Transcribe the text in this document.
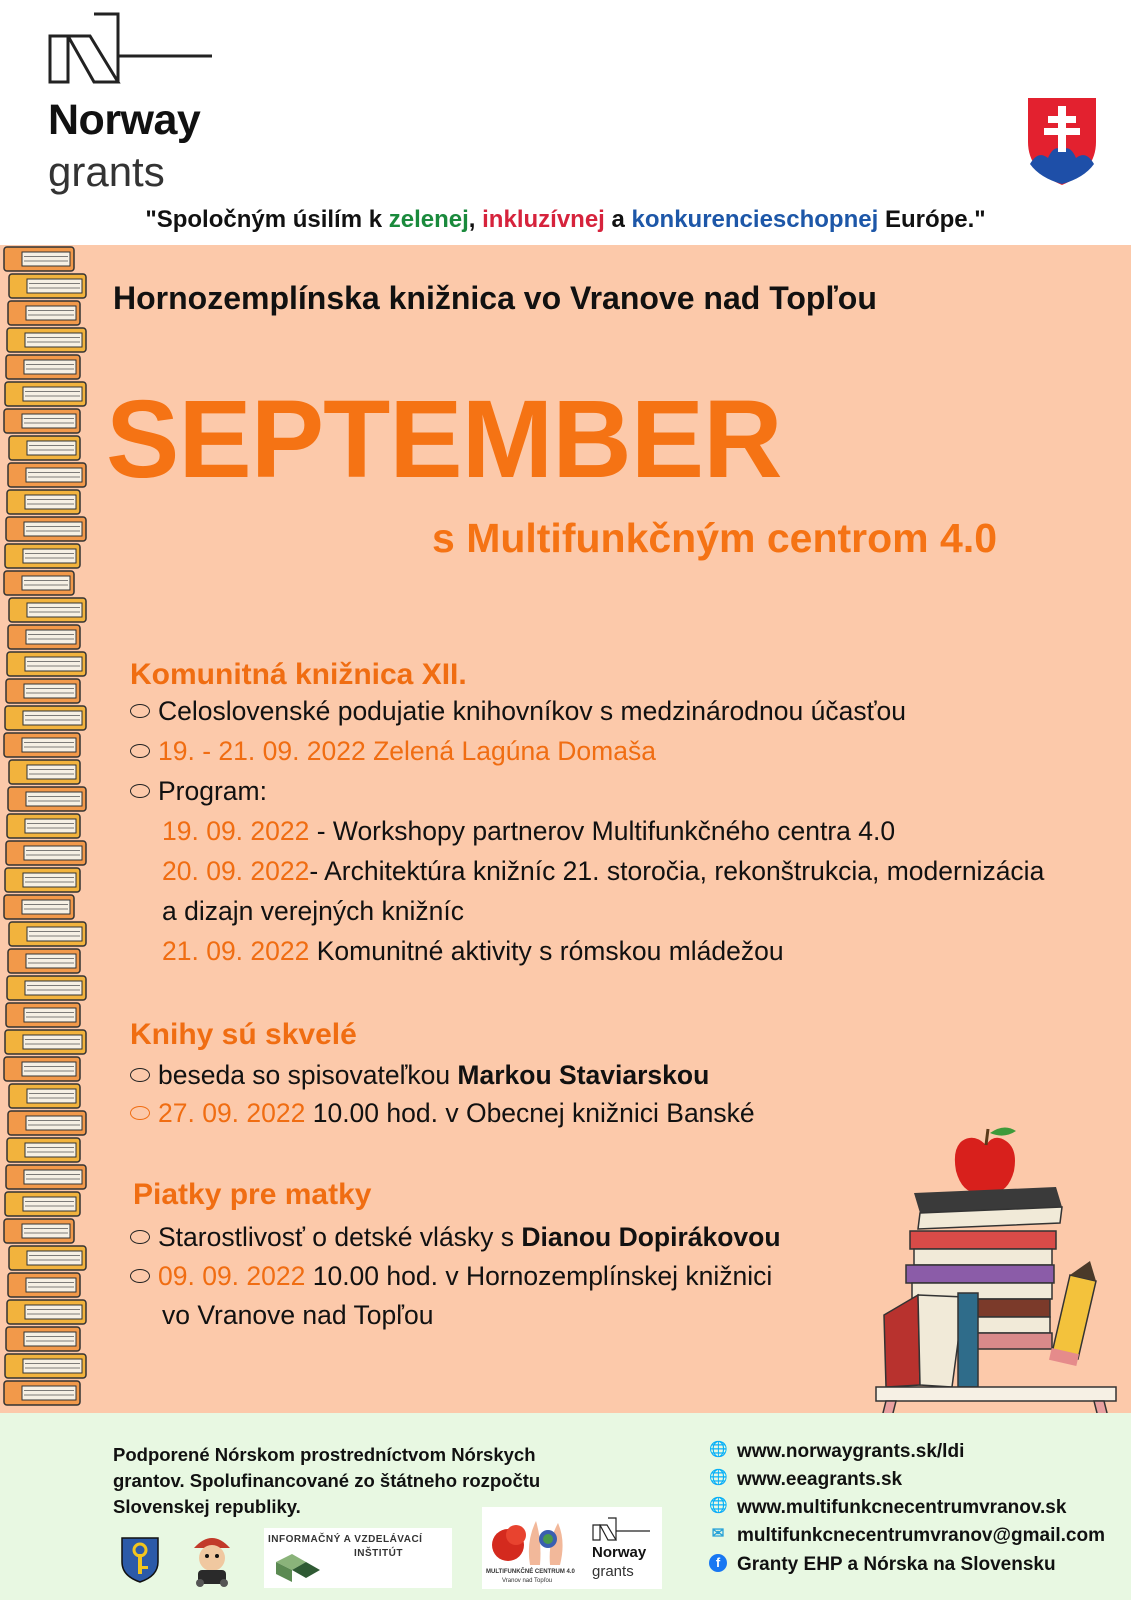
Norway
grants
"Spoločným úsilím k zelenej, inkluzívnej a konkurencieschopnej Európe."
Hornozemplínska knižnica vo Vranove nad Topľou
SEPTEMBER
s Multifunkčným centrom 4.0
Komunitná knižnica XII.
Celoslovenské podujatie knihovníkov s medzinárodnou účasťou
19. - 21. 09. 2022 Zelená Lagúna Domaša
Program:
19. 09. 2022 - Workshopy partnerov Multifunkčného centra 4.0
20. 09. 2022- Architektúra knižníc 21. storočia, rekonštrukcia, modernizácia
a dizajn verejných knižníc
21. 09. 2022 Komunitné aktivity s rómskou mládežou
Knihy sú skvelé
beseda so spisovateľkou Markou Staviarskou
27. 09. 2022 10.00 hod. v Obecnej knižnici Banské
Piatky pre matky
Starostlivosť o detské vlásky s Dianou Dopirákovou
09. 09. 2022 10.00 hod. v Hornozemplínskej knižnici
vo Vranove nad Topľou
Podporené Nórskom prostredníctvom Nórskych grantov. Spolufinancované zo štátneho rozpočtu Slovenskej republiky.
INFORMAČNÝ A VZDELÁVACÍ
INŠTITÚT
MULTIFUNKČNÉ CENTRUM 4.0
Vranov nad Topľou
Norway
grants
🌐 www.norwaygrants.sk/ldi
🌐 www.eeagrants.sk
🌐 www.multifunkcnecentrumvranov.sk
✉ multifunkcnecentrumvranov@gmail.com
f Granty EHP a Nórska na Slovensku
